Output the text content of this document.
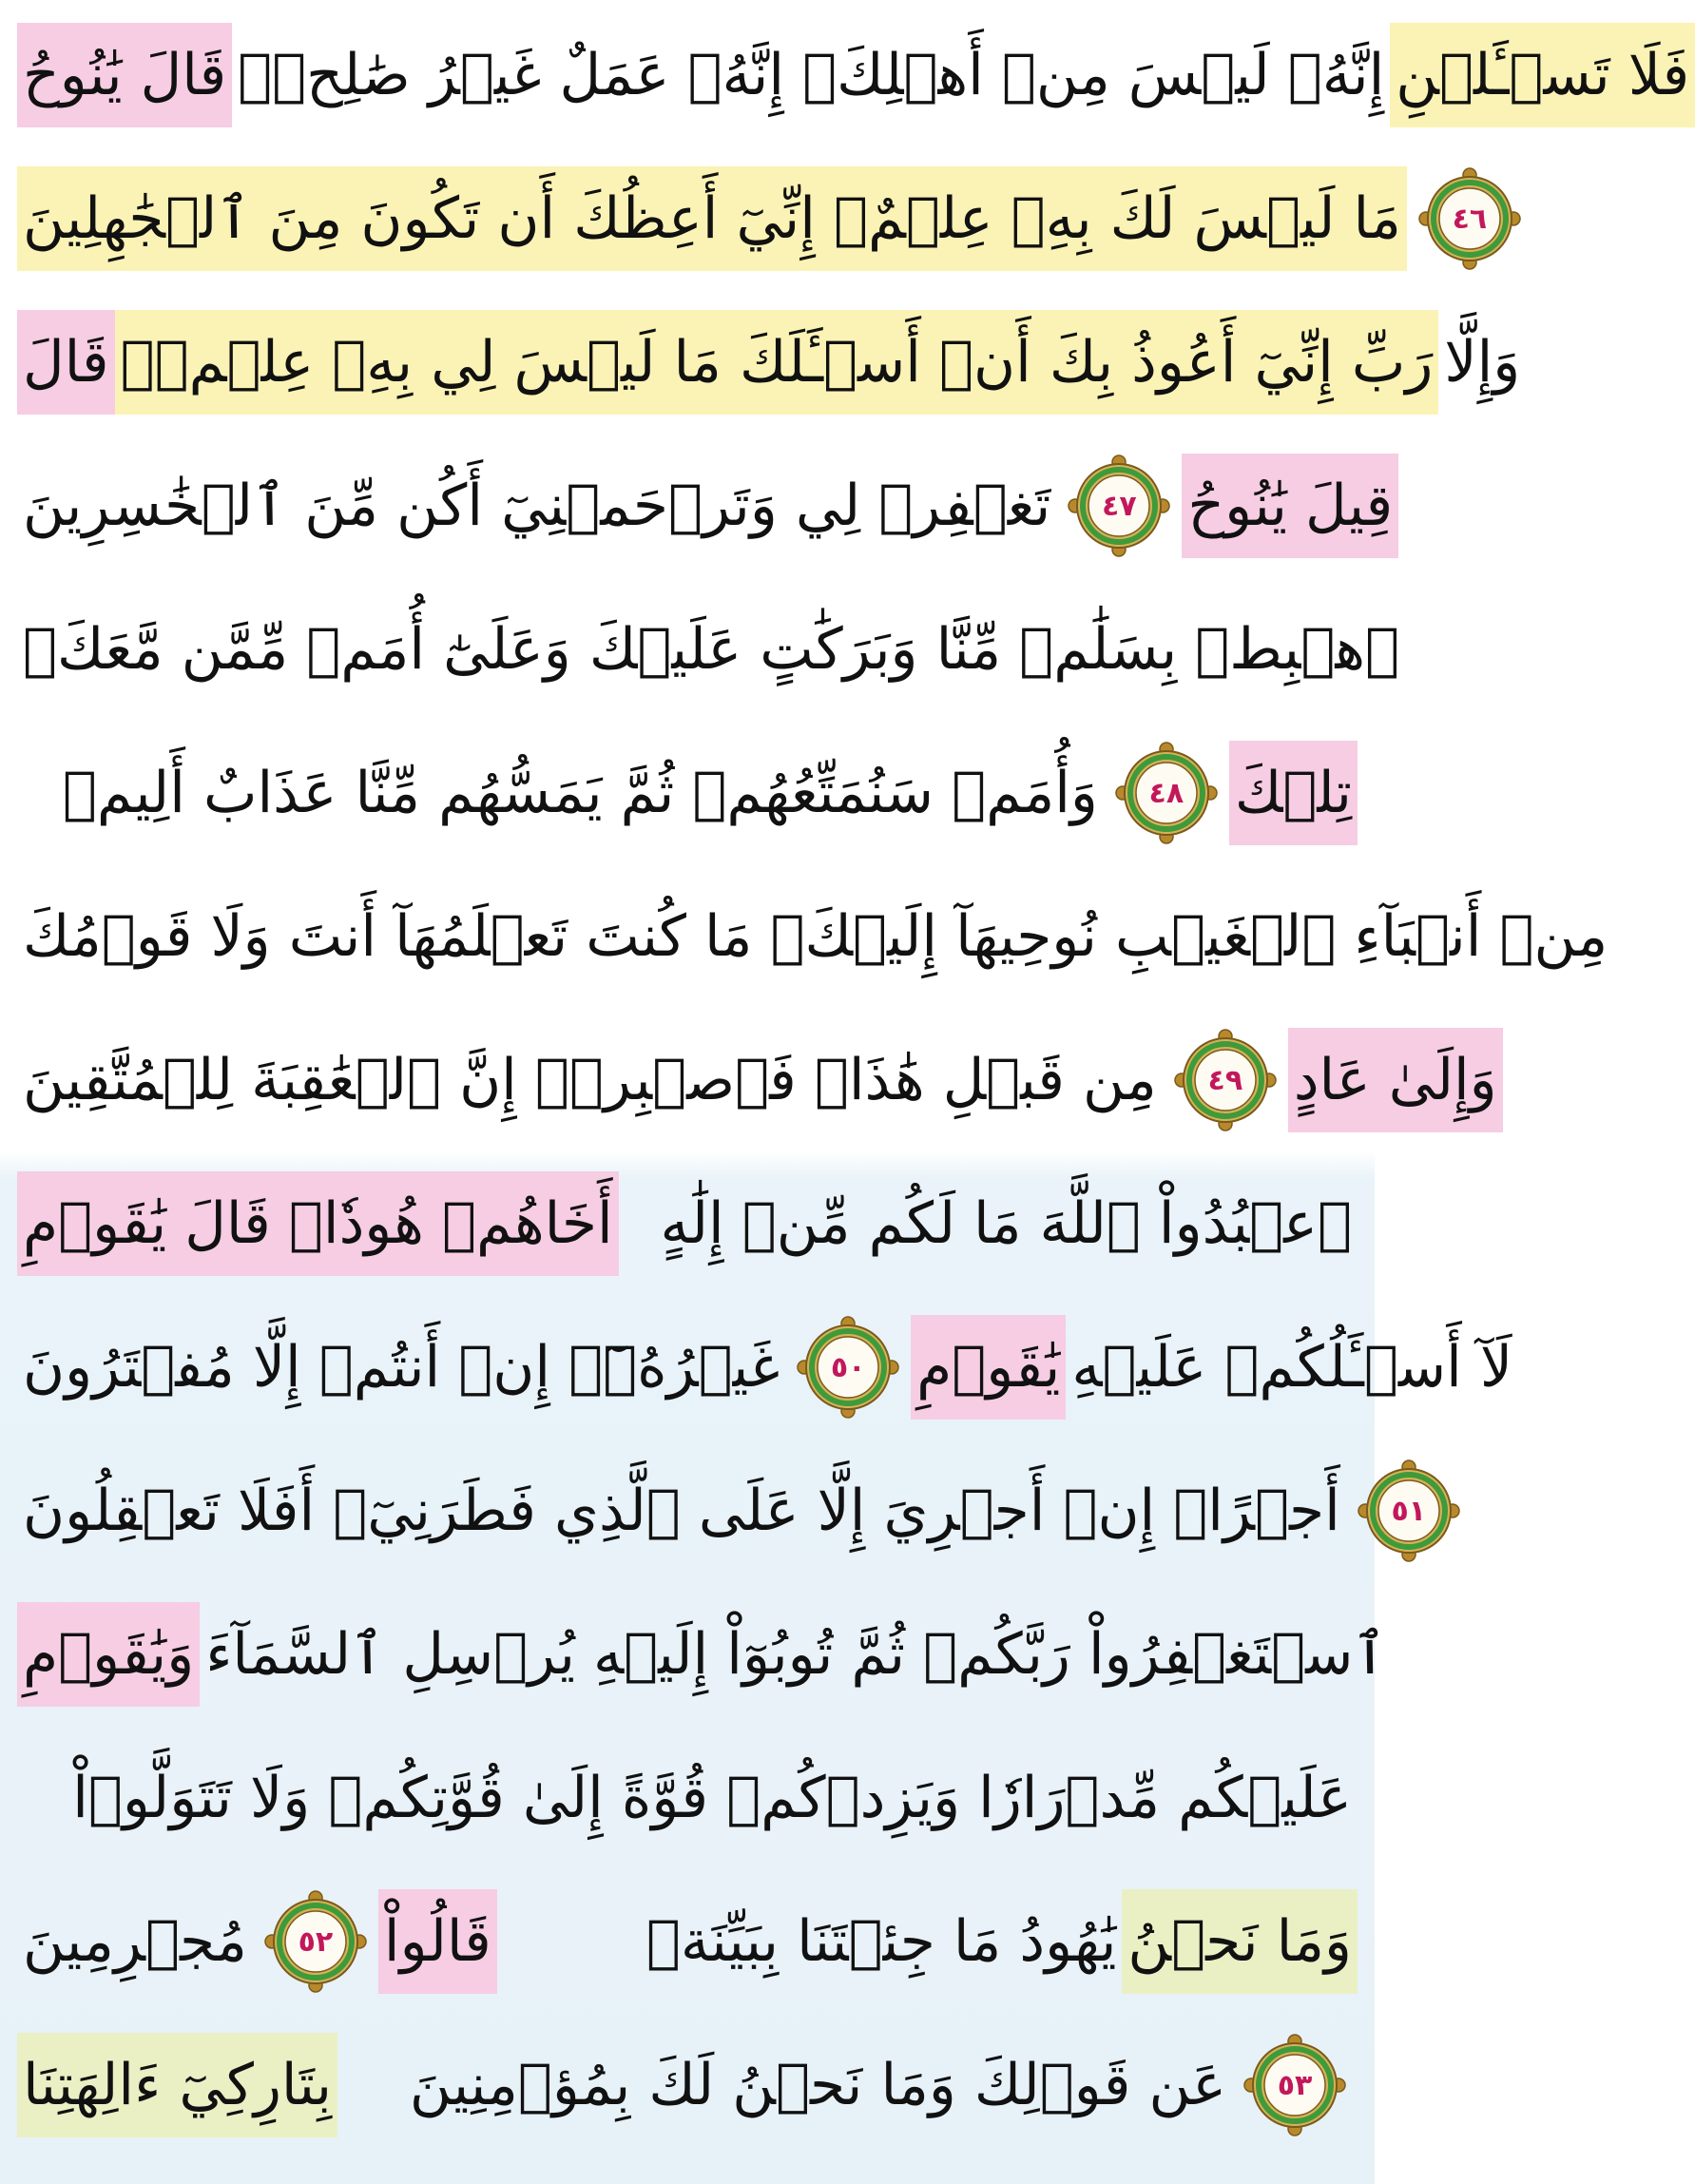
قَالَ يَٰنُوحُ إِنَّهُۥ لَيۡسَ مِنۡ أَهۡلِكَۖ إِنَّهُۥ عَمَلٌ غَيۡرُ صَٰلِحٖۖ فَلَا تَسۡـَٔلۡنِ
مَا لَيۡسَ لَكَ بِهِۦ عِلۡمٌۖ إِنِّيٓ أَعِظُكَ أَن تَكُونَ مِنَ ٱلۡجَٰهِلِينَ ٤٦
قَالَ رَبِّ إِنِّيٓ أَعُوذُ بِكَ أَنۡ أَسۡـَٔلَكَ مَا لَيۡسَ لِي بِهِۦ عِلۡمٞۖ وَإِلَّا
تَغۡفِرۡ لِي وَتَرۡحَمۡنِيٓ أَكُن مِّنَ ٱلۡخَٰسِرِينَ ٤٧ قِيلَ يَٰنُوحُ
ٱهۡبِطۡ بِسَلَٰمٖ مِّنَّا وَبَرَكَٰتٍ عَلَيۡكَ وَعَلَىٰٓ أُمَمٖ مِّمَّن مَّعَكَۚ
وَأُمَمٞ سَنُمَتِّعُهُمۡ ثُمَّ يَمَسُّهُم مِّنَّا عَذَابٌ أَلِيمٞ ٤٨ تِلۡكَ
مِنۡ أَنۢبَآءِ ٱلۡغَيۡبِ نُوحِيهَآ إِلَيۡكَۖ مَا كُنتَ تَعۡلَمُهَآ أَنتَ وَلَا قَوۡمُكَ
مِن قَبۡلِ هَٰذَاۖ فَٱصۡبِرۡۖ إِنَّ ٱلۡعَٰقِبَةَ لِلۡمُتَّقِينَ ٤٩ وَإِلَىٰ عَادٍ
أَخَاهُمۡ هُودٗاۚ قَالَ يَٰقَوۡمِ ٱعۡبُدُواْ ٱللَّهَ مَا لَكُم مِّنۡ إِلَٰهٍ
غَيۡرُهُۥٓۖ إِنۡ أَنتُمۡ إِلَّا مُفۡتَرُونَ ٥٠ يَٰقَوۡمِ لَآ أَسۡـَٔلُكُمۡ عَلَيۡهِ
أَجۡرًاۖ إِنۡ أَجۡرِيَ إِلَّا عَلَى ٱلَّذِي فَطَرَنِيٓۚ أَفَلَا تَعۡقِلُونَ ٥١
وَيَٰقَوۡمِ ٱسۡتَغۡفِرُواْ رَبَّكُمۡ ثُمَّ تُوبُوٓاْ إِلَيۡهِ يُرۡسِلِ ٱلسَّمَآءَ
عَلَيۡكُم مِّدۡرَارٗا وَيَزِدۡكُمۡ قُوَّةً إِلَىٰ قُوَّتِكُمۡ وَلَا تَتَوَلَّوۡاْ
مُجۡرِمِينَ ٥٢ قَالُواْ	يَٰهُودُ مَا جِئۡتَنَا بِبَيِّنَةٖ وَمَا نَحۡنُ
بِتَارِكِيٓ ءَالِهَتِنَا	عَن قَوۡلِكَ وَمَا نَحۡنُ لَكَ بِمُؤۡمِنِينَ ٥٣
